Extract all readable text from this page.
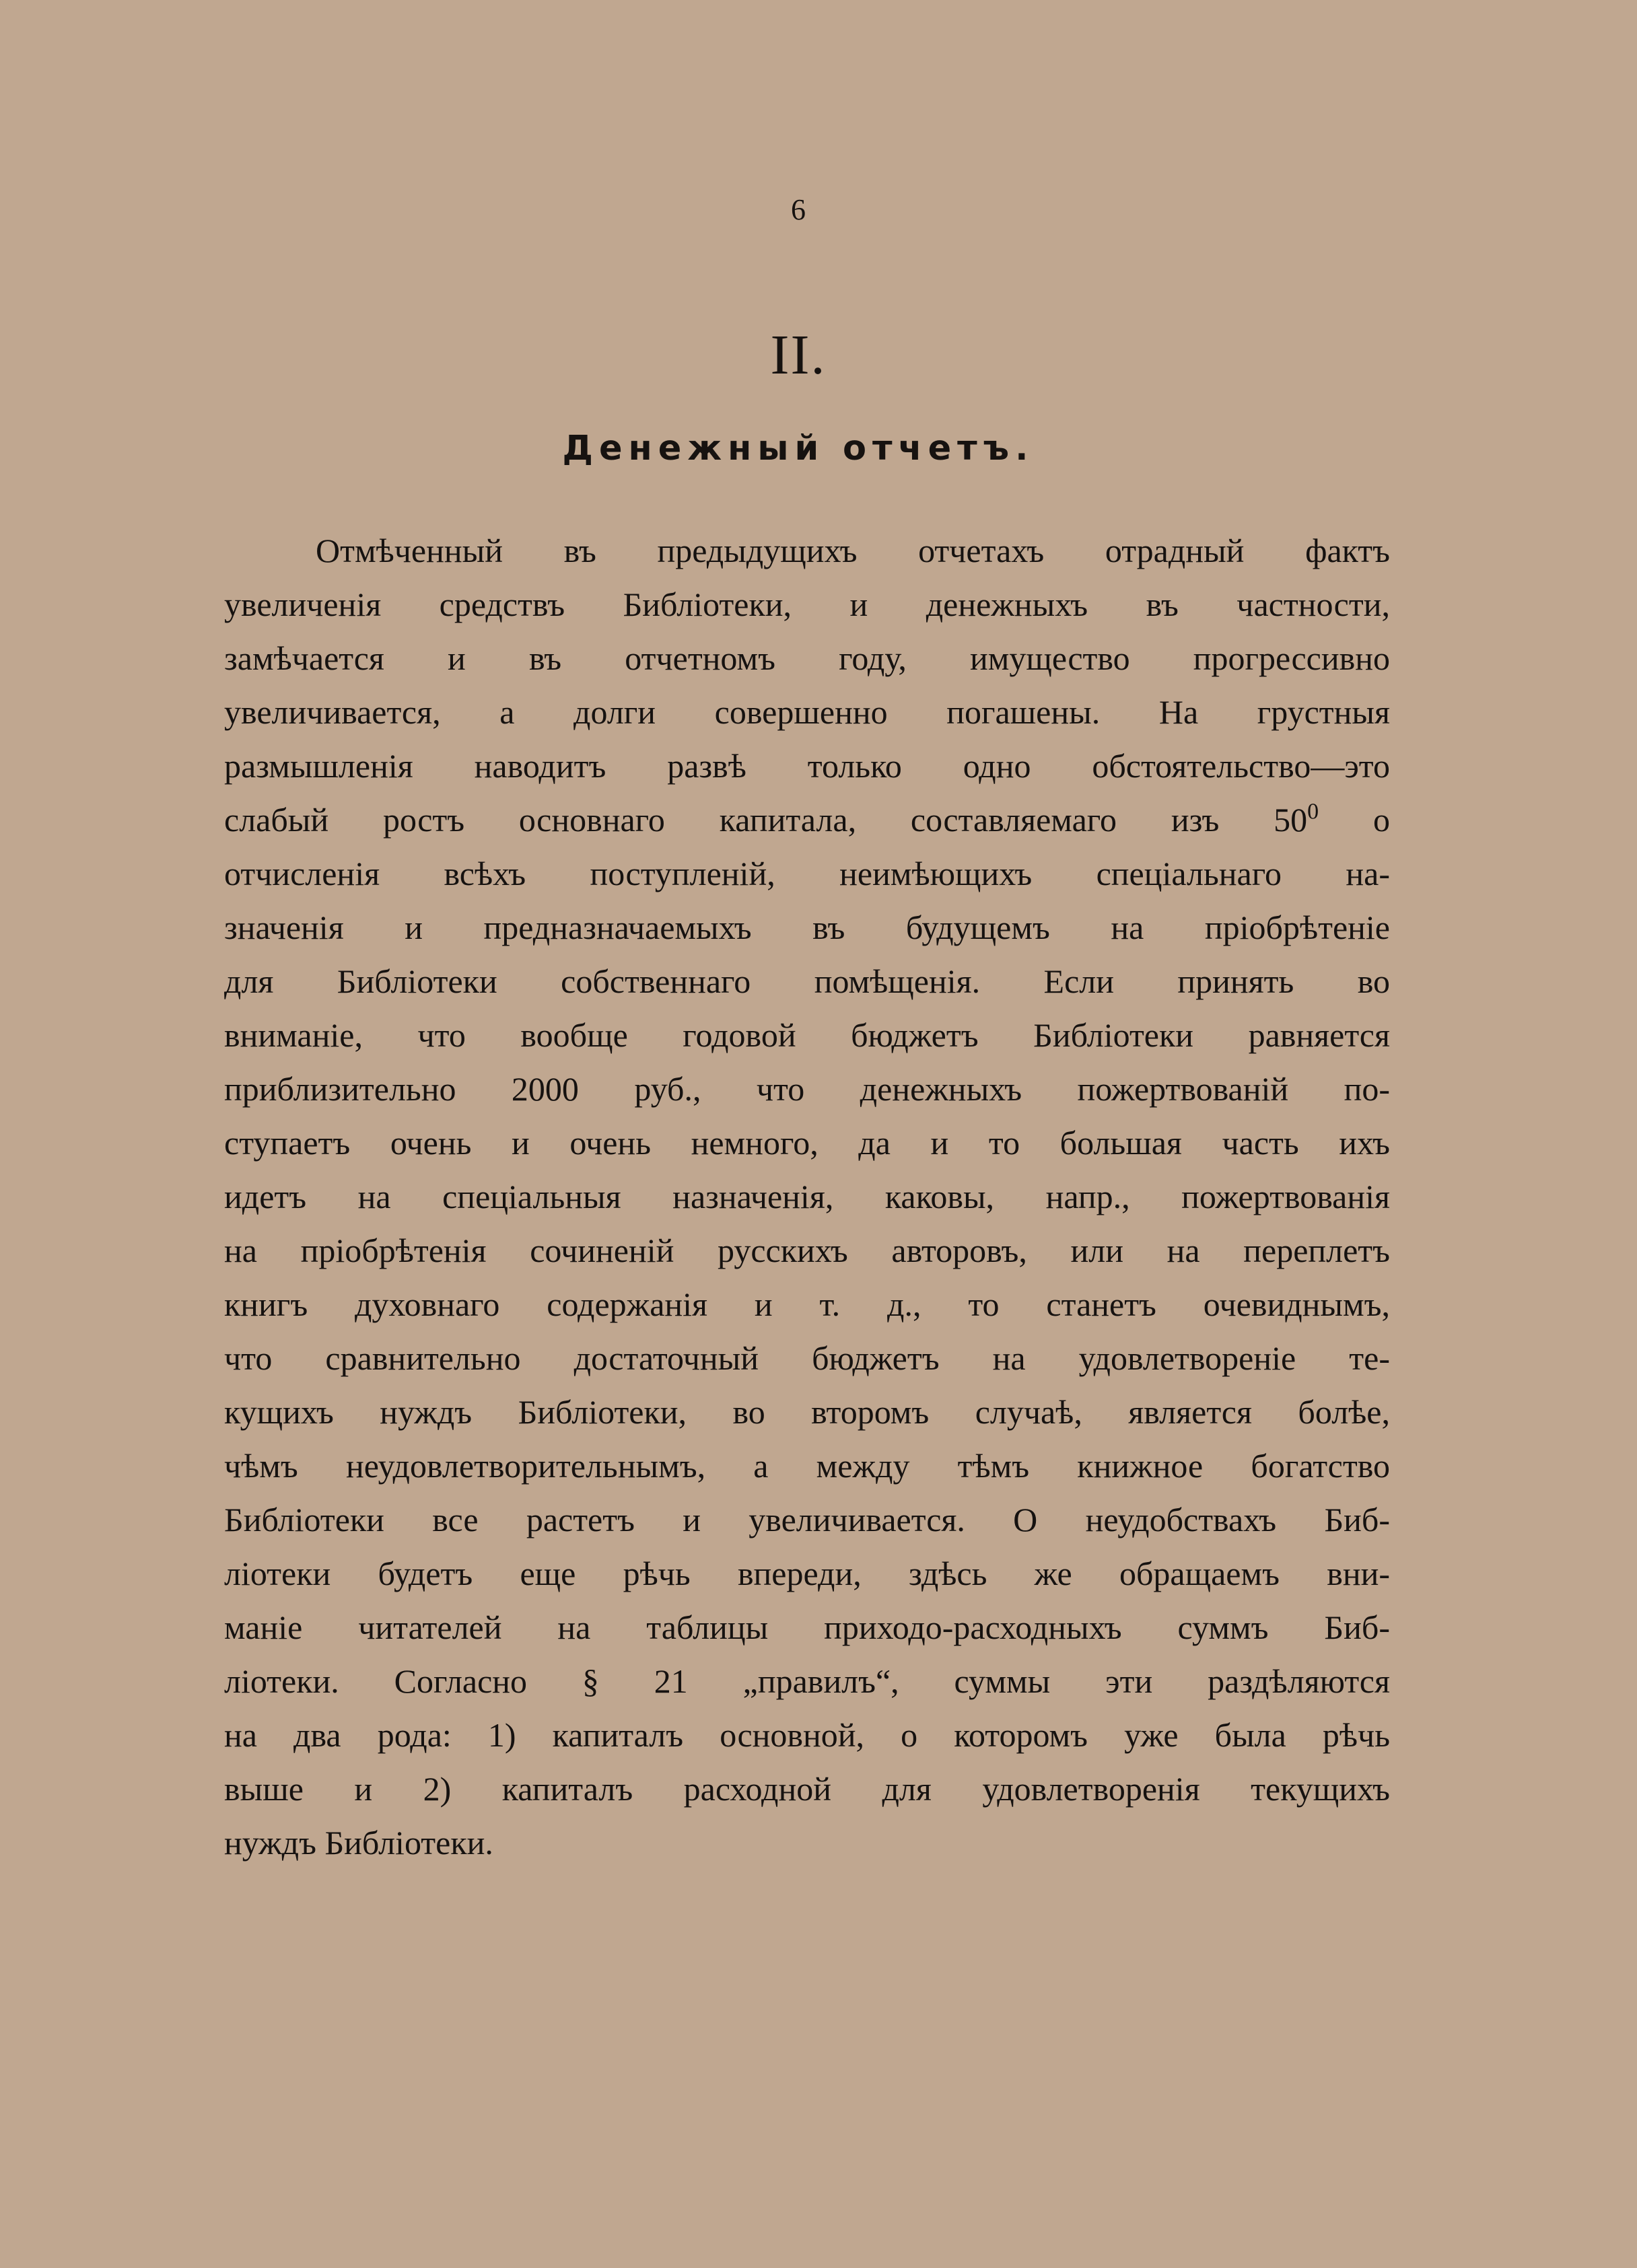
6
II.
Денежный отчетъ.
Отмѣченный въ предыдущихъ отчетахъ отрадный фактъ
увеличенія средствъ Библіотеки, и денежныхъ въ частности,
замѣчается и въ отчетномъ году, имущество прогрессивно
увеличивается, а долги совершенно погашены. На грустныя
размышленія наводитъ развѣ только одно обстоятельство—это
слабый ростъ основнаго капитала, составляемаго изъ $50^0$ о
отчисленія всѣхъ поступленій, неимѣющихъ спеціальнаго на-
значенія и предназначаемыхъ въ будущемъ на пріобрѣтеніе
для Библіотеки собственнаго помѣщенія. Если принять во
вниманіе, что вообще годовой бюджетъ Библіотеки равняется
приблизительно 2000 руб., что денежныхъ пожертвованій по-
ступаетъ очень и очень немного, да и то большая часть ихъ
идетъ на спеціальныя назначенія, каковы, напр., пожертвованія
на пріобрѣтенія сочиненій русскихъ авторовъ, или на переплетъ
книгъ духовнаго содержанія и т. д., то станетъ очевиднымъ,
что сравнительно достаточный бюджетъ на удовлетвореніе те-
кущихъ нуждъ Библіотеки, во второмъ случаѣ, является болѣе,
чѣмъ неудовлетворительнымъ, а между тѣмъ книжное богатство
Библіотеки все растетъ и увеличивается. О неудобствахъ Биб-
ліотеки будетъ еще рѣчь впереди, здѣсь же обращаемъ вни-
маніе читателей на таблицы приходо-расходныхъ суммъ Биб-
ліотеки. Согласно § 21 „правилъ“, суммы эти раздѣляются
на два рода: 1) капиталъ основной, о которомъ уже была рѣчь
выше и 2) капиталъ расходной для удовлетворенія текущихъ
нуждъ Библіотеки.
